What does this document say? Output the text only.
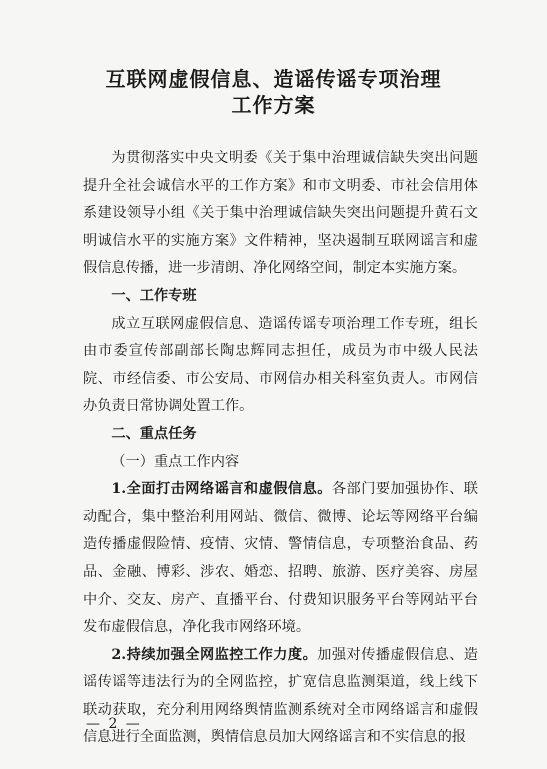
互联网虚假信息、造谣传谣专项治理
工作方案

为贯彻落实中央文明委《关于集中治理诚信缺失突出问题提升全社会诚信水平的工作方案》和市文明委、市社会信用体系建设领导小组《关于集中治理诚信缺失突出问题提升黄石文明诚信水平的实施方案》文件精神，坚决遏制互联网谣言和虚假信息传播，进一步清朗、净化网络空间，制定本实施方案。

一、工作专班

成立互联网虚假信息、造谣传谣专项治理工作专班，组长由市委宣传部副部长陶忠辉同志担任，成员为市中级人民法院、市经信委、市公安局、市网信办相关科室负责人。市网信办负责日常协调处置工作。

二、重点任务

（一）重点工作内容

1.全面打击网络谣言和虚假信息。各部门要加强协作、联动配合，集中整治利用网站、微信、微博、论坛等网络平台编造传播虚假险情、疫情、灾情、警情信息，专项整治食品、药品、金融、博彩、涉农、婚恋、招聘、旅游、医疗美容、房屋中介、交友、房产、直播平台、付费知识服务平台等网站平台发布虚假信息，净化我市网络环境。

2.持续加强全网监控工作力度。加强对传播虚假信息、造谣传谣等违法行为的全网监控，扩宽信息监测渠道，线上线下联动获取，充分利用网络舆情监测系统对全市网络谣言和虚假信息进行全面监测，舆情信息员加大网络谣言和不实信息的报

— 2 —
